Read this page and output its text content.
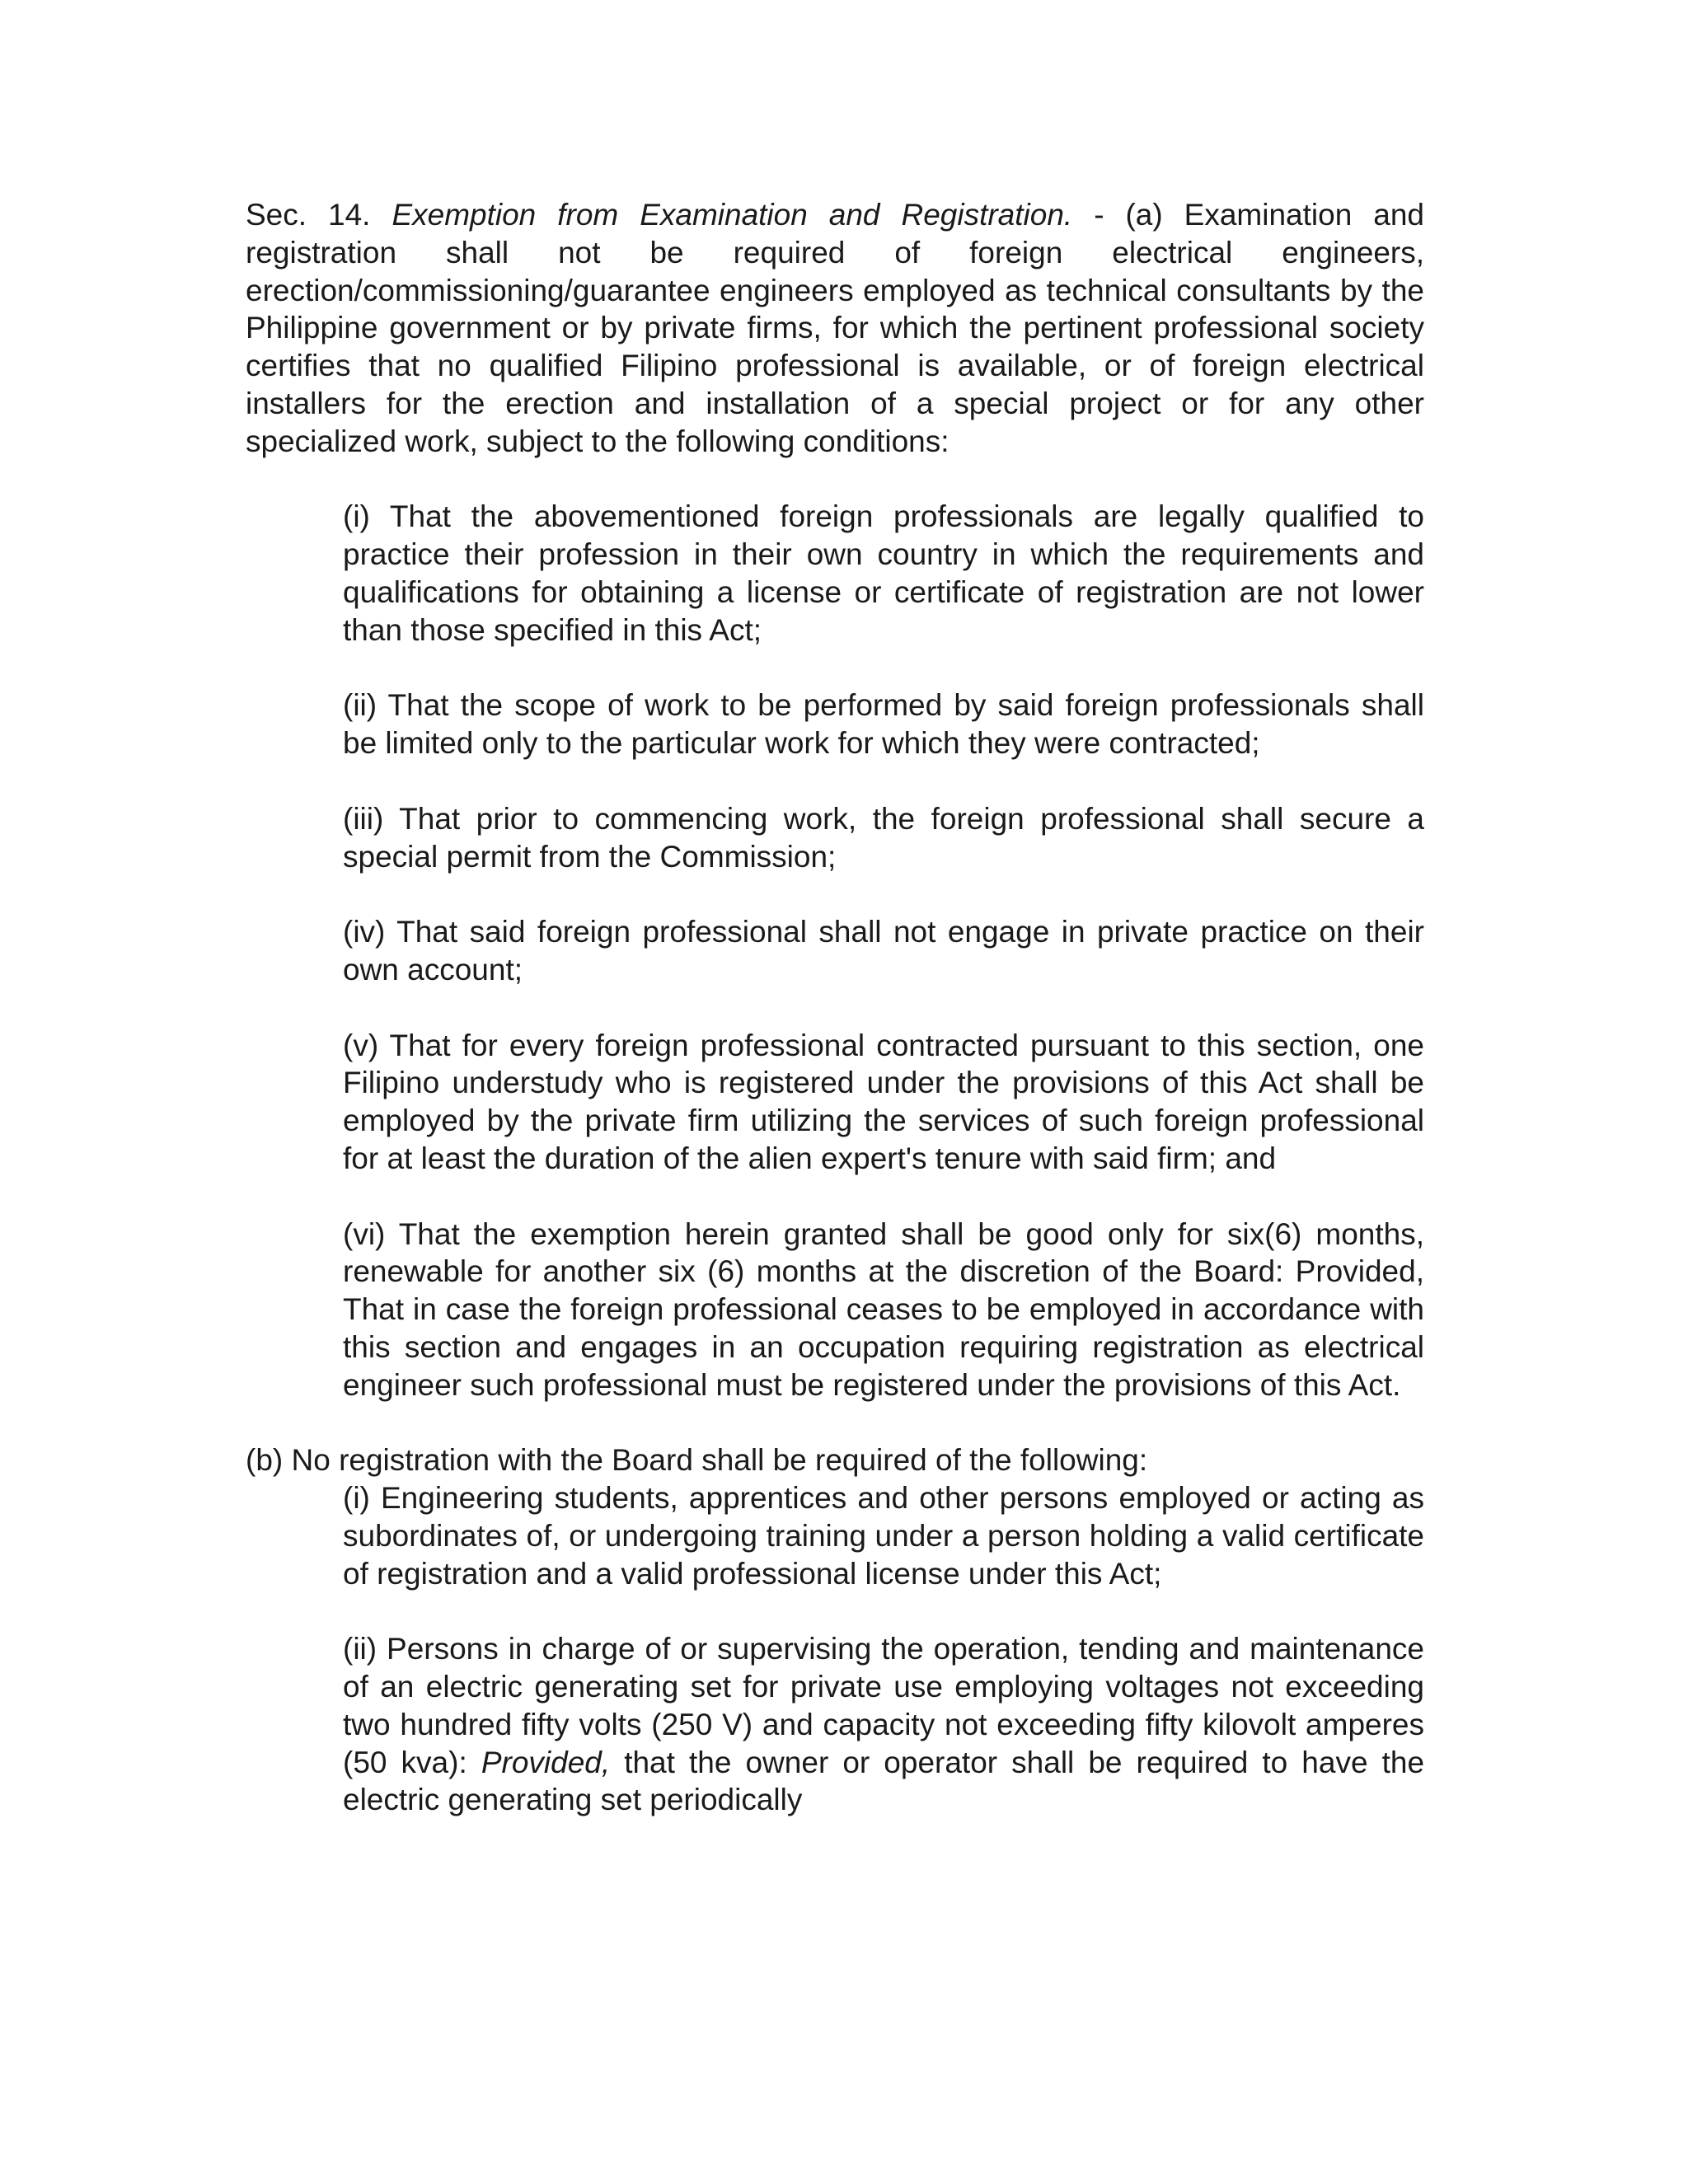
Sec. 14. Exemption from Examination and Registration. - (a) Examination and registration shall not be required of foreign electrical engineers, erection/commissioning/guarantee engineers employed as technical consultants by the Philippine government or by private firms, for which the pertinent professional society certifies that no qualified Filipino professional is available, or of foreign electrical installers for the erection and installation of a special project or for any other specialized work, subject to the following conditions:

(i) That the abovementioned foreign professionals are legally qualified to practice their profession in their own country in which the requirements and qualifications for obtaining a license or certificate of registration are not lower than those specified in this Act;

(ii) That the scope of work to be performed by said foreign professionals shall be limited only to the particular work for which they were contracted;

(iii) That prior to commencing work, the foreign professional shall secure a special permit from the Commission;

(iv) That said foreign professional shall not engage in private practice on their own account;

(v) That for every foreign professional contracted pursuant to this section, one Filipino understudy who is registered under the provisions of this Act shall be employed by the private firm utilizing the services of such foreign professional for at least the duration of the alien expert's tenure with said firm; and

(vi) That the exemption herein granted shall be good only for six(6) months, renewable for another six (6) months at the discretion of the Board: Provided, That in case the foreign professional ceases to be employed in accordance with this section and engages in an occupation requiring registration as electrical engineer such professional must be registered under the provisions of this Act.

(b) No registration with the Board shall be required of the following:

(i) Engineering students, apprentices and other persons employed or acting as subordinates of, or undergoing training under a person holding a valid certificate of registration and a valid professional license under this Act;

(ii) Persons in charge of or supervising the operation, tending and maintenance of an electric generating set for private use employing voltages not exceeding two hundred fifty volts (250 V) and capacity not exceeding fifty kilovolt amperes (50 kva): Provided, that the owner or operator shall be required to have the electric generating set periodically
